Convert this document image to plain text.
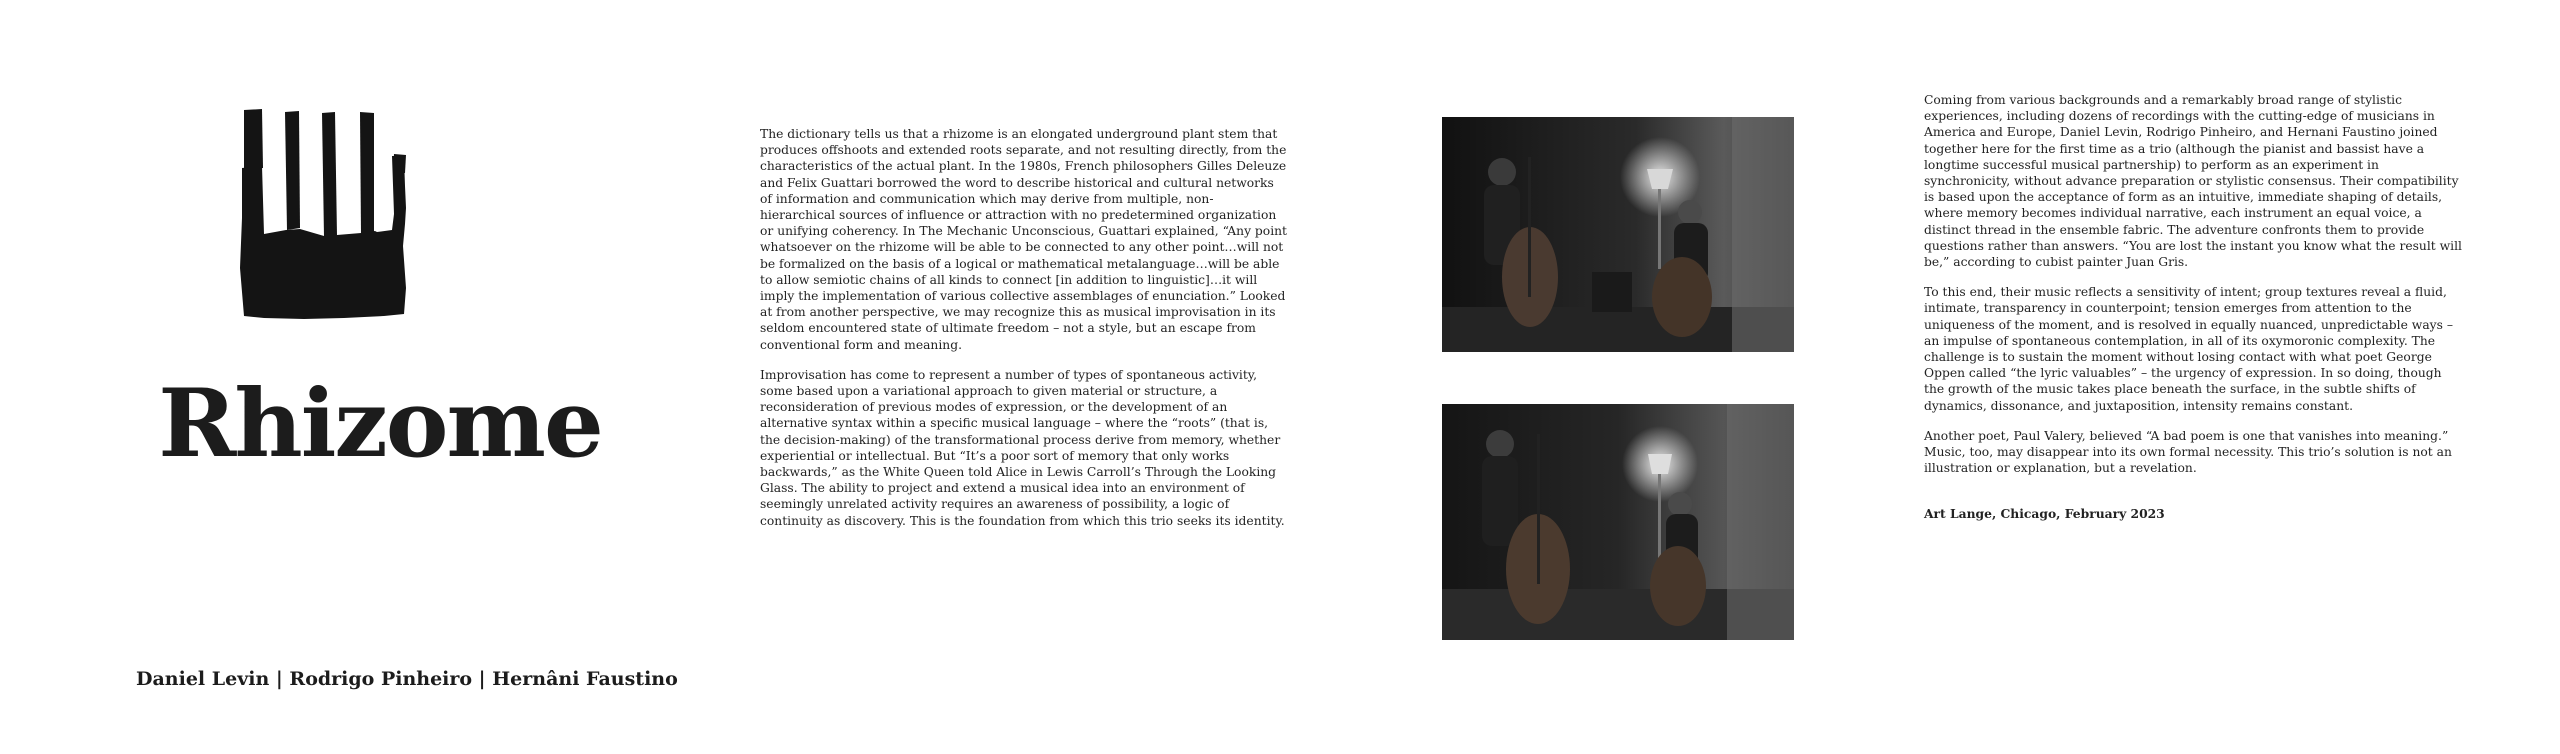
Rhizome
Daniel Levin | Rodrigo Pinheiro | Hernâni Faustino

The dictionary tells us that a rhizome is an elongated underground plant stem that produces offshoots and extended roots separate, and not resulting directly, from the characteristics of the actual plant. In the 1980s, French philosophers Gilles Deleuze and Felix Guattari borrowed the word to describe historical and cultural networks of information and communication which may derive from multiple, non-hierarchical sources of influence or attraction with no predetermined organization or unifying coherency. In The Mechanic Unconscious, Guattari explained, “Any point whatsoever on the rhizome will be able to be connected to any other point…will not be formalized on the basis of a logical or mathematical metalanguage…will be able to allow semiotic chains of all kinds to connect [in addition to linguistic]…it will imply the implementation of various collective assemblages of enunciation.” Looked at from another perspective, we may recognize this as musical improvisation in its seldom encountered state of ultimate freedom – not a style, but an escape from conventional form and meaning.

Improvisation has come to represent a number of types of spontaneous activity, some based upon a variational approach to given material or structure, a reconsideration of previous modes of expression, or the development of an alternative syntax within a specific musical language – where the “roots” (that is, the decision-making) of the transformational process derive from memory, whether experiential or intellectual. But “It’s a poor sort of memory that only works backwards,” as the White Queen told Alice in Lewis Carroll’s Through the Looking Glass. The ability to project and extend a musical idea into an environment of seemingly unrelated activity requires an awareness of possibility, a logic of continuity as discovery. This is the foundation from which this trio seeks its identity.

Coming from various backgrounds and a remarkably broad range of stylistic experiences, including dozens of recordings with the cutting-edge of musicians in America and Europe, Daniel Levin, Rodrigo Pinheiro, and Hernani Faustino joined together here for the first time as a trio (although the pianist and bassist have a longtime successful musical partnership) to perform as an experiment in synchronicity, without advance preparation or stylistic consensus. Their compatibility is based upon the acceptance of form as an intuitive, immediate shaping of details, where memory becomes individual narrative, each instrument an equal voice, a distinct thread in the ensemble fabric. The adventure confronts them to provide questions rather than answers. “You are lost the instant you know what the result will be,” according to cubist painter Juan Gris.

To this end, their music reflects a sensitivity of intent; group textures reveal a fluid, intimate, transparency in counterpoint; tension emerges from attention to the uniqueness of the moment, and is resolved in equally nuanced, unpredictable ways – an impulse of spontaneous contemplation, in all of its oxymoronic complexity. The challenge is to sustain the moment without losing contact with what poet George Oppen called “the lyric valuables” – the urgency of expression. In so doing, though the growth of the music takes place beneath the surface, in the subtle shifts of dynamics, dissonance, and juxtaposition, intensity remains constant.

Another poet, Paul Valery, believed “A bad poem is one that vanishes into meaning.” Music, too, may disappear into its own formal necessity. This trio’s solution is not an illustration or explanation, but a revelation.

Art Lange, Chicago, February 2023
